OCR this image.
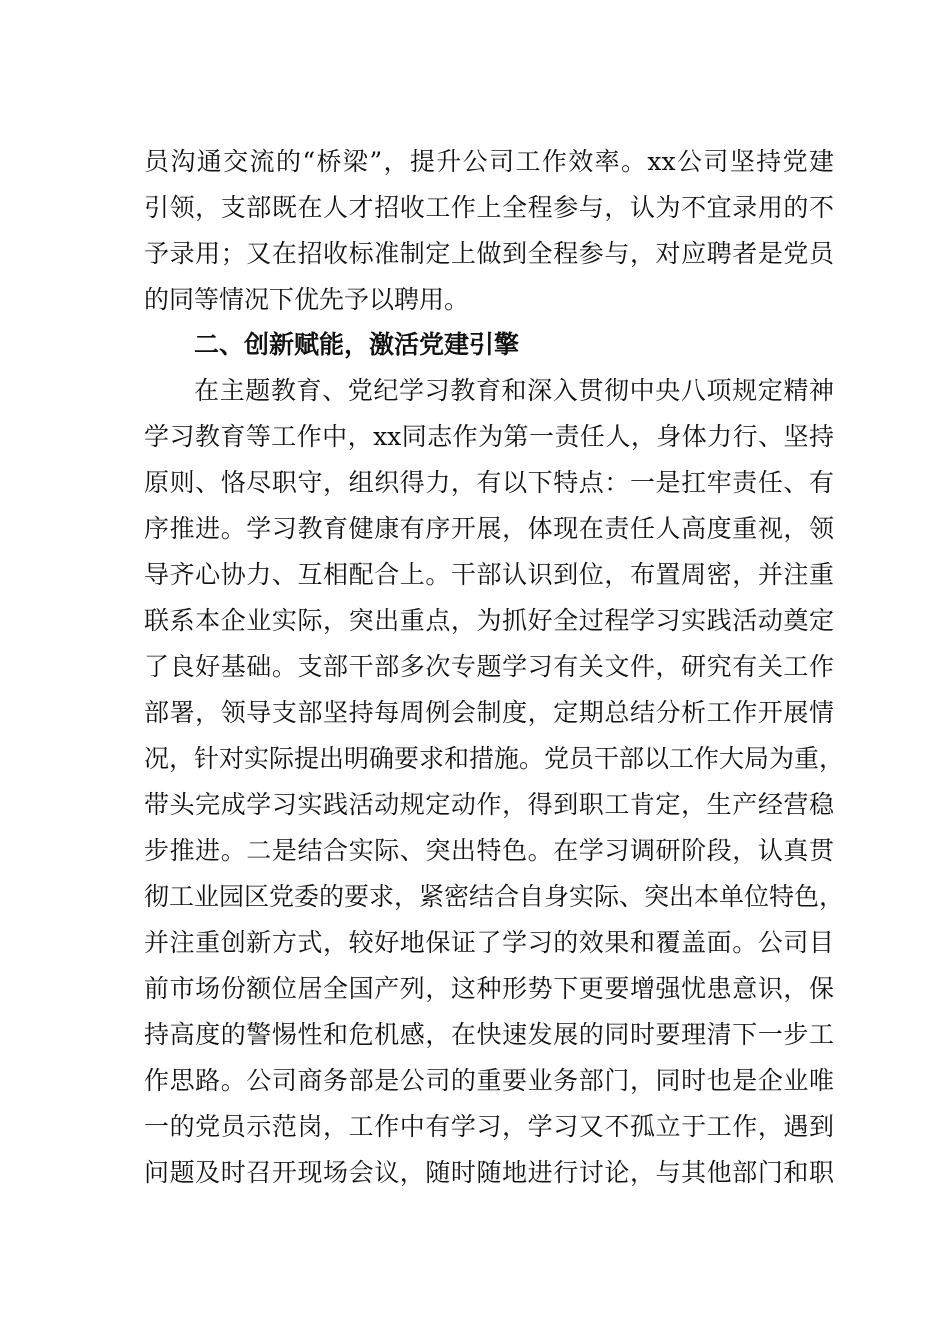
员沟通交流的“桥梁”，提升公司工作效率。xx公司坚持党建
引领，支部既在人才招收工作上全程参与，认为不宜录用的不
予录用；又在招收标准制定上做到全程参与，对应聘者是党员
的同等情况下优先予以聘用。
二、创新赋能，激活党建引擎
在主题教育、党纪学习教育和深入贯彻中央八项规定精神
学习教育等工作中，xx同志作为第一责任人，身体力行、坚持
原则、恪尽职守，组织得力，有以下特点：一是扛牢责任、有
序推进。学习教育健康有序开展，体现在责任人高度重视，领
导齐心协力、互相配合上。干部认识到位，布置周密，并注重
联系本企业实际，突出重点，为抓好全过程学习实践活动奠定
了良好基础。支部干部多次专题学习有关文件，研究有关工作
部署，领导支部坚持每周例会制度，定期总结分析工作开展情
况，针对实际提出明确要求和措施。党员干部以工作大局为重，
带头完成学习实践活动规定动作，得到职工肯定，生产经营稳
步推进。二是结合实际、突出特色。在学习调研阶段，认真贯
彻工业园区党委的要求，紧密结合自身实际、突出本单位特色，
并注重创新方式，较好地保证了学习的效果和覆盖面。公司目
前市场份额位居全国产列，这种形势下更要增强忧患意识，保
持高度的警惕性和危机感，在快速发展的同时要理清下一步工
作思路。公司商务部是公司的重要业务部门，同时也是企业唯
一的党员示范岗，工作中有学习，学习又不孤立于工作，遇到
问题及时召开现场会议，随时随地进行讨论，与其他部门和职
